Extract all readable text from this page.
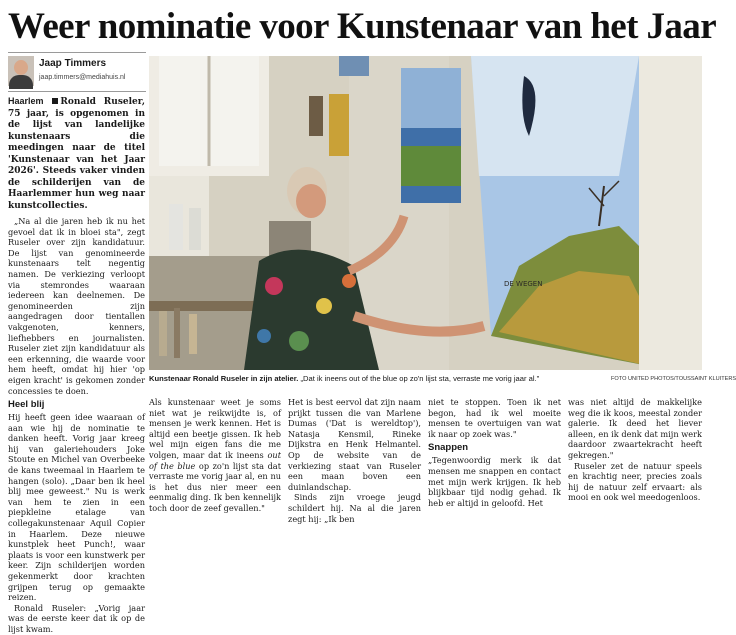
Weer nominatie voor Kunstenaar van het Jaar
Jaap Timmers
jaap.timmers@mediahuis.nl

Haarlem Ronald Ruseler, 75 jaar, is opgenomen in de lijst van landelijke kunstenaars die meedingen naar de titel 'Kunstenaar van het Jaar 2026'. Steeds vaker vinden de schilderijen van de Haarlemmer hun weg naar kunstcollecties.

„Na al die jaren heb ik nu het gevoel dat ik in bloei sta", zegt Ruseler over zijn kandidatuur. De lijst van genomineerde kunstenaars telt negentig namen. De verkiezing verloopt via stemrondes waaraan iedereen kan deelnemen. De genomineerden zijn aangedragen door tientallen vakgenoten, kenners, liefhebbers en journalisten. Ruseler ziet zijn kandidatuur als een erkenning, die waarde voor hem heeft, omdat hij hier 'op eigen kracht' is gekomen zonder concessies te doen.

Heel blij

Hij heeft geen idee waaraan of aan wie hij de nominatie te danken heeft. Vorig jaar kreeg hij van galeriehouders Joke Stoute en Michel van Overbeeke de kans tweemaal in Haarlem te hangen (solo). „Daar ben ik heel blij mee geweest." Nu is werk van hem te zien in een piepkleine etalage van collegakunstenaar Aquil Copier in Haarlem. Deze nieuwe kunstplek heet Punch!, waar plaats is voor een kunstwerk per keer. Zijn schilderijen worden gekenmerkt door krachten grijpen terug op gemaakte reizen.

Ronald Ruseler: „Vorig jaar was de eerste keer dat ik op de lijst kwam.

DE WEGEN
Kunstenaar Ronald Ruseler in zijn atelier. „Dat ik ineens out of the blue op zo'n lijst sta, verraste me vorig jaar al."	FOTO UNITED PHOTOS/TOUSSAINT KLUITERS

Als kunstenaar weet je soms niet wat je reikwijdte is, of mensen je werk kennen. Het is altijd een beetje gissen. Ik heb wel mijn eigen fans die me volgen, maar dat ik ineens out of the blue op zo'n lijst sta dat verraste me vorig jaar al, en nu is het dus nier meer een eenmalig ding. Ik ben kennelijk toch door de zeef gevallen."

Het is best eervol dat zijn naam prijkt tussen die van Marlene Dumas ('Dat is wereldtop'), Natasja Kensmil, Rineke Dijkstra en Henk Helmantel. Op de website van de verkiezing staat van Ruseler een maan boven een duinlandschap.

Sinds zijn vroege jeugd schildert hij. Na al die jaren zegt hij: „Ik ben

niet te stoppen. Toen ik net begon, had ik wel moeite mensen te overtuigen van wat ik naar op zoek was."

Snappen

„Tegenwoordig merk ik dat mensen me snappen en contact met mijn werk krijgen. Ik heb blijkbaar tijd nodig gehad. Ik heb er altijd in geloofd. Het

was niet altijd de makkelijke weg die ik koos, meestal zonder galerie. Ik deed het liever alleen, en ik denk dat mijn werk daardoor zwaartekracht heeft gekregen."

Ruseler zet de natuur speels en krachtig neer, precies zoals hij de natuur zelf ervaart: als mooi en ook wel meedogenloos.
